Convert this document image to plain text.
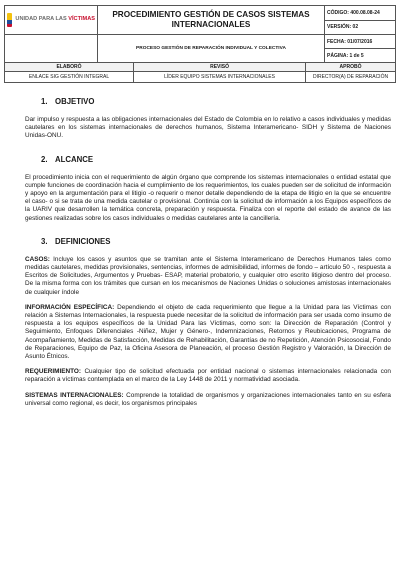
UNIDAD PARA LAS VÍCTIMAS	PROCEDIMIENTO GESTIÓN DE CASOS SISTEMAS INTERNACIONALES	CÓDIGO: 400.08.08-24
		VERSIÓN: 02
	PROCESO GESTIÓN DE REPARACIÓN INDIVIDUAL Y COLECTIVA	FECHA: 01/07/2016
		PÁGINA: 1 de 5
ELABORÓ	REVISÓ	APROBÓ
ENLACE SIG GESTIÓN INTEGRAL	LÍDER EQUIPO SISTEMAS INTERNACIONALES	DIRECTOR(A) DE REPARACIÓN
1. OBJETIVO

Dar impulso y respuesta a las obligaciones internacionales del Estado de Colombia en lo relativo a casos individuales y medidas cautelares en los sistemas internacionales de derechos humanos, Sistema Interamericano- SIDH y Sistema de Naciones Unidas-ONU.

2. ALCANCE

El procedimiento inicia con el requerimiento de algún órgano que comprende los sistemas internacionales o entidad estatal que cumple funciones de coordinación hacia el cumplimiento de los requerimientos, los cuales pueden ser de solicitud de información y apoyo en la argumentación para el litigio -o requerir o menor detalle dependiendo de la etapa de litigio en la que se encuentre el caso- o si se trata de una medida cautelar o provisional. Continúa con la solicitud de información a los Equipos específicos de la UARIV que desarrollen la temática concreta, preparación y respuesta. Finaliza con el reporte del estado de avance de las gestiones realizadas sobre los casos individuales o medidas cautelares ante la cancillería.

3. DEFINICIONES

CASOS: Incluye los casos y asuntos que se tramitan ante el Sistema Interamericano de Derechos Humanos tales como medidas cautelares, medidas provisionales, sentencias, informes de admisibilidad, informes de fondo – artículo 50 -, respuesta a Escritos de Solicitudes, Argumentos y Pruebas- ESAP, material probatorio, y cualquier otro escrito litigioso dentro del proceso. De la misma forma con los trámites que cursan en los mecanismos de Naciones Unidas o soluciones amistosas internacionales de cualquier índole

INFORMACIÓN ESPECÍFICA: Dependiendo el objeto de cada requerimiento que llegue a la Unidad para las Víctimas con relación a Sistemas Internacionales, la respuesta puede necesitar de la solicitud de información para ser usada como insumo de respuesta a los equipos específicos de la Unidad Para las Víctimas, como son: la Dirección de Reparación (Control y Seguimiento, Enfoques Diferenciales -Niñez, Mujer y Género-, Indemnizaciones, Retornos y Reubicaciones, Programa de Acompañamiento, Medidas de Satisfacción, Medidas de Rehabilitación, Garantías de no Repetición, Atención Psicosocial, Fondo de Reparaciones, Equipo de Paz, la Oficina Asesora de Planeación, el proceso Gestión Registro y Valoración, la Dirección de Asunto Étnicos.

REQUERIMIENTO: Cualquier tipo de solicitud efectuada por entidad nacional o sistemas internacionales relacionada con reparación a víctimas contemplada en el marco de la Ley 1448 de 2011 y normatividad asociada.

SISTEMAS INTERNACIONALES: Comprende la totalidad de organismos y organizaciones internacionales tanto en su esfera universal como regional, es decir, los organismos principales
